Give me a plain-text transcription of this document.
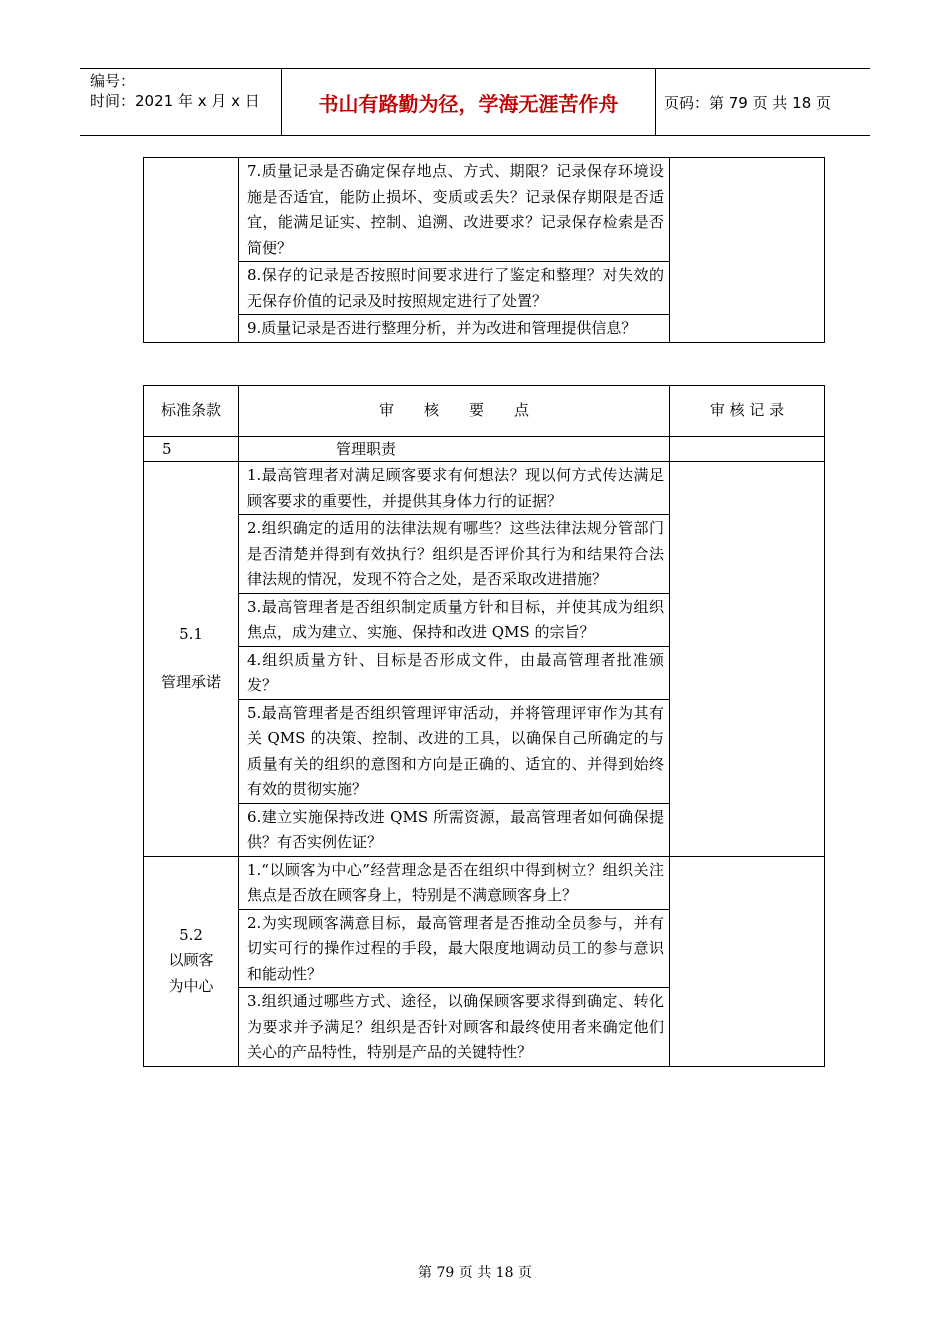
编号：
时间：2021 年 x 月 x 日	书山有路勤为径，学海无涯苦作舟	页码：第 79 页 共 18 页
	7.质量记录是否确定保存地点、方式、期限？记录保存环境设施是否适宜，能防止损坏、变质或丢失？记录保存期限是否适宜，能满足证实、控制、追溯、改进要求？记录保存检索是否简便？	
8.保存的记录是否按照时间要求进行了鉴定和整理？对失效的无保存价值的记录及时按照规定进行了处置？
9.质量记录是否进行整理分析，并为改进和管理提供信息？
标准条款	审　　核　　要　　点	审 核 记 录
5	管理职责	

5.1
管理承诺	1.最高管理者对满足顾客要求有何想法？现以何方式传达满足顾客要求的重要性，并提供其身体力行的证据？	
	2.组织确定的适用的法律法规有哪些？这些法律法规分管部门是否清楚并得到有效执行？组织是否评价其行为和结果符合法律法规的情况，发现不符合之处，是否采取改进措施？	
	3.最高管理者是否组织制定质量方针和目标，并使其成为组织焦点，成为建立、实施、保持和改进 QMS 的宗旨？	
	4.组织质量方针、目标是否形成文件，由最高管理者批准颁发？	
	5.最高管理者是否组织管理评审活动，并将管理评审作为其有关 QMS 的决策、控制、改进的工具，以确保自己所确定的与质量有关的组织的意图和方向是正确的、适宜的、并得到始终有效的贯彻实施？	
	6.建立实施保持改进 QMS 所需资源，最高管理者如何确保提供？有否实例佐证？	

5.2
以顾客
为中心	1.“以顾客为中心”经营理念是否在组织中得到树立？组织关注焦点是否放在顾客身上，特别是不满意顾客身上？	
	2.为实现顾客满意目标，最高管理者是否推动全员参与，并有切实可行的操作过程的手段，最大限度地调动员工的参与意识和能动性？	
	3.组织通过哪些方式、途径，以确保顾客要求得到确定、转化为要求并予满足？组织是否针对顾客和最终使用者来确定他们关心的产品特性，特别是产品的关键特性？	
第 79 页 共 18 页
